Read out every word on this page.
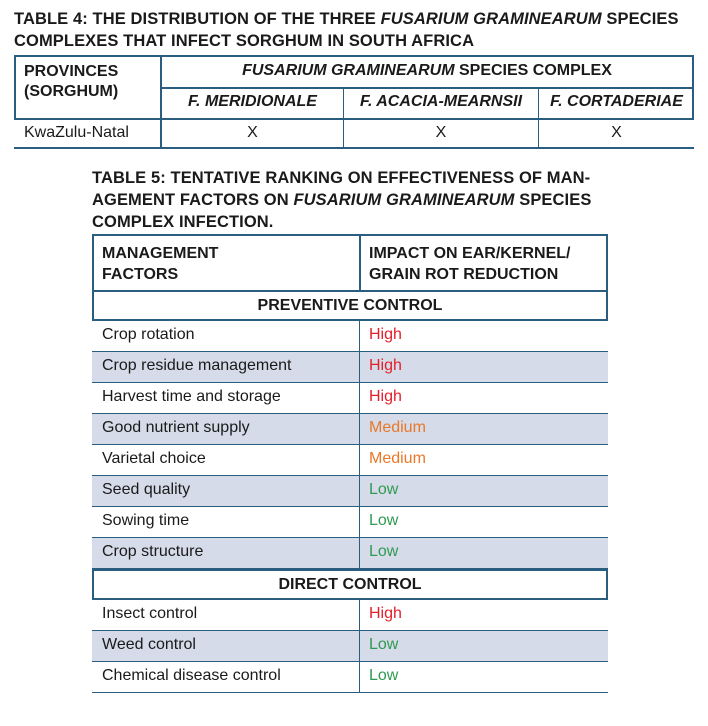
TABLE 4: THE DISTRIBUTION OF THE THREE FUSARIUM GRAMINEARUM SPECIES
COMPLEXES THAT INFECT SORGHUM IN SOUTH AFRICA
PROVINCES
(SORGHUM)
FUSARIUM GRAMINEARUM SPECIES COMPLEX
F. MERIDIONALE	F. ACACIA-MEARNSII	F. CORTADERIAE
KwaZulu-Natal	X	X	X
TABLE 5: TENTATIVE RANKING ON EFFECTIVENESS OF MAN-
AGEMENT FACTORS ON FUSARIUM GRAMINEARUM SPECIES
COMPLEX INFECTION.
MANAGEMENT
FACTORS
IMPACT ON EAR/KERNEL/
GRAIN ROT REDUCTION
PREVENTIVE CONTROL
Crop rotation	High
Crop residue management	High
Harvest time and storage	High
Good nutrient supply	Medium
Varietal choice	Medium
Seed quality	Low
Sowing time	Low
Crop structure	Low
DIRECT CONTROL
Insect control	High
Weed control	Low
Chemical disease control	Low
